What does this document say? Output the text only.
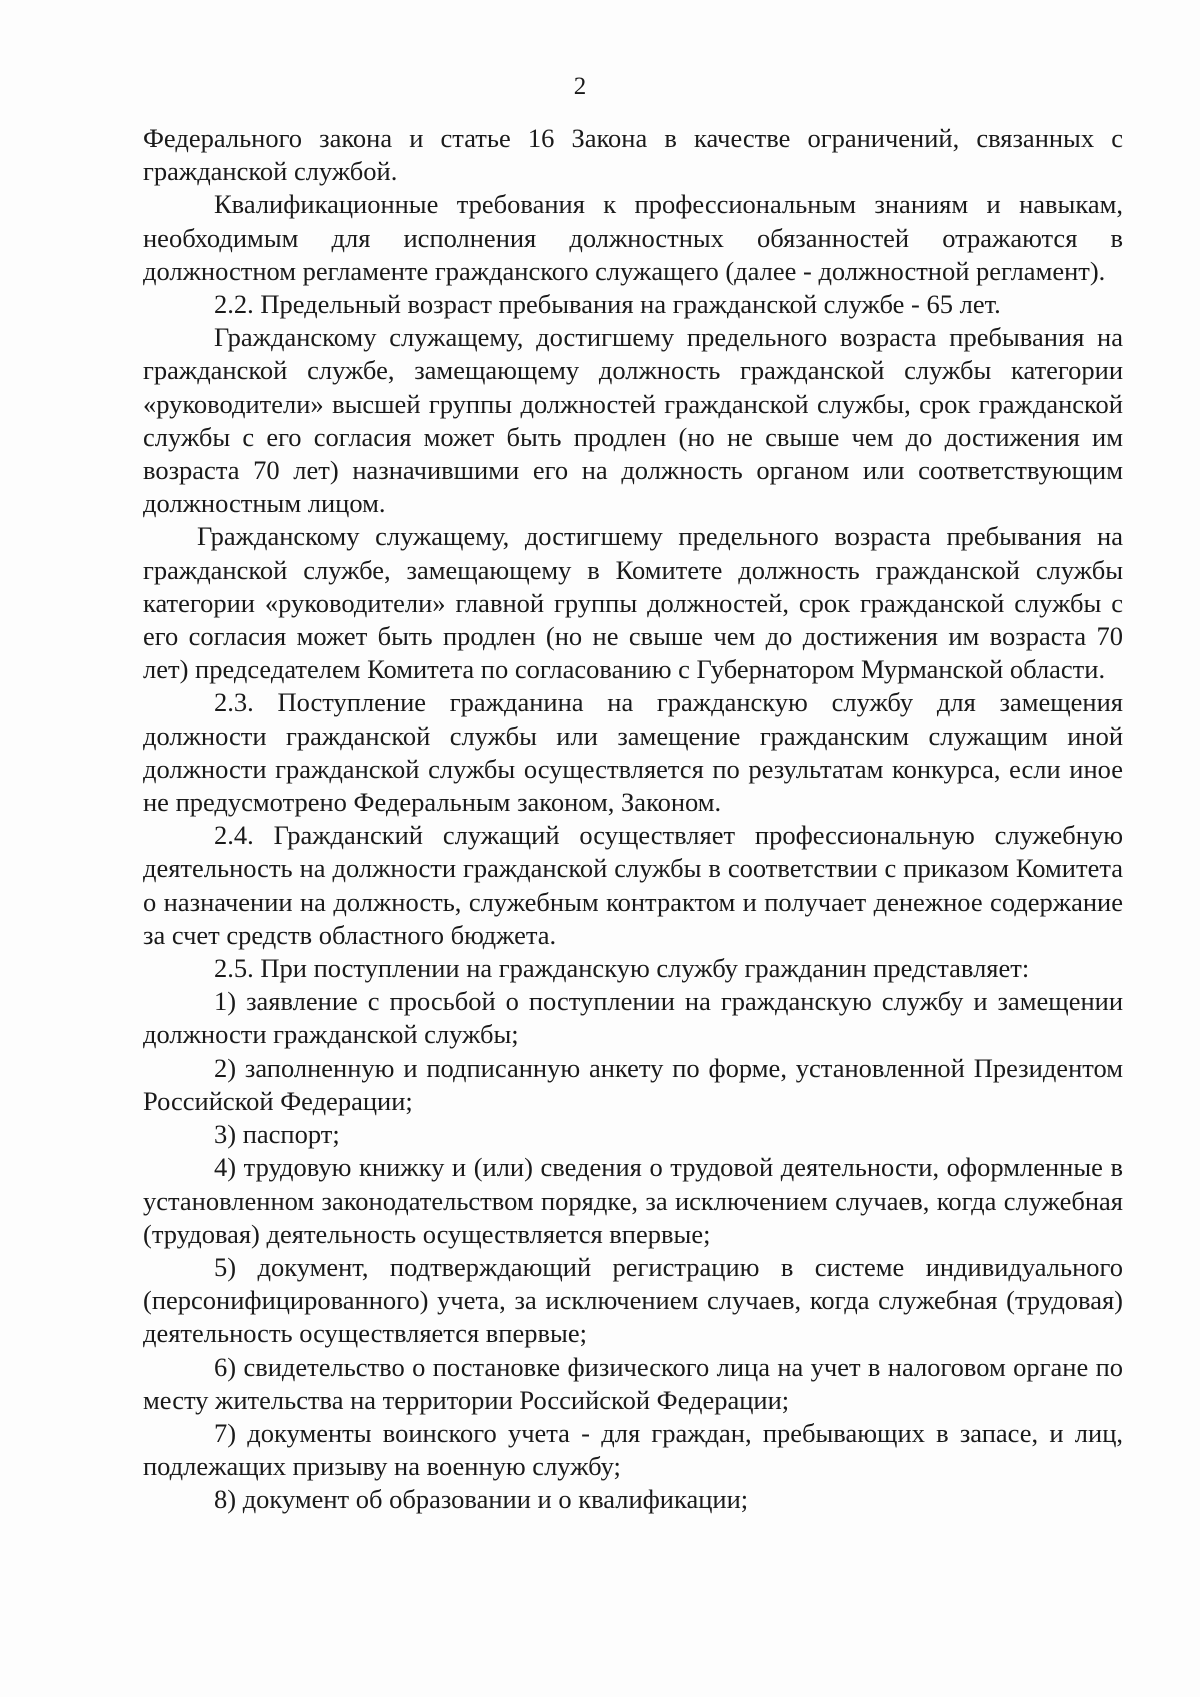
2

Федерального закона и статье 16 Закона в качестве ограничений, связанных с гражданской службой.

Квалификационные требования к профессиональным знаниям и навыкам, необходимым для исполнения должностных обязанностей отражаются в должностном регламенте гражданского служащего (далее - должностной регламент).

2.2. Предельный возраст пребывания на гражданской службе - 65 лет.

Гражданскому служащему, достигшему предельного возраста пребывания на гражданской службе, замещающему должность гражданской службы категории «руководители» высшей группы должностей гражданской службы, срок гражданской службы с его согласия может быть продлен (но не свыше чем до достижения им возраста 70 лет) назначившими его на должность органом или соответствующим должностным лицом.

Гражданскому служащему, достигшему предельного возраста пребывания на гражданской службе, замещающему в Комитете должность гражданской службы категории «руководители» главной группы должностей, срок гражданской службы с его согласия может быть продлен (но не свыше чем до достижения им возраста 70 лет) председателем Комитета по согласованию с Губернатором Мурманской области.

2.3. Поступление гражданина на гражданскую службу для замещения должности гражданской службы или замещение гражданским служащим иной должности гражданской службы осуществляется по результатам конкурса, если иное не предусмотрено Федеральным законом, Законом.

2.4. Гражданский служащий осуществляет профессиональную служебную деятельность на должности гражданской службы в соответствии с приказом Комитета о назначении на должность, служебным контрактом и получает денежное содержание за счет средств областного бюджета.

2.5. При поступлении на гражданскую службу гражданин представляет:

1) заявление с просьбой о поступлении на гражданскую службу и замещении должности гражданской службы;

2) заполненную и подписанную анкету по форме, установленной Президентом Российской Федерации;

3) паспорт;

4) трудовую книжку и (или) сведения о трудовой деятельности, оформленные в установленном законодательством порядке, за исключением случаев, когда служебная (трудовая) деятельность осуществляется впервые;

5) документ, подтверждающий регистрацию в системе индивидуального (персонифицированного) учета, за исключением случаев, когда служебная (трудовая) деятельность осуществляется впервые;

6) свидетельство о постановке физического лица на учет в налоговом органе по месту жительства на территории Российской Федерации;

7) документы воинского учета - для граждан, пребывающих в запасе, и лиц, подлежащих призыву на военную службу;

8) документ об образовании и о квалификации;
